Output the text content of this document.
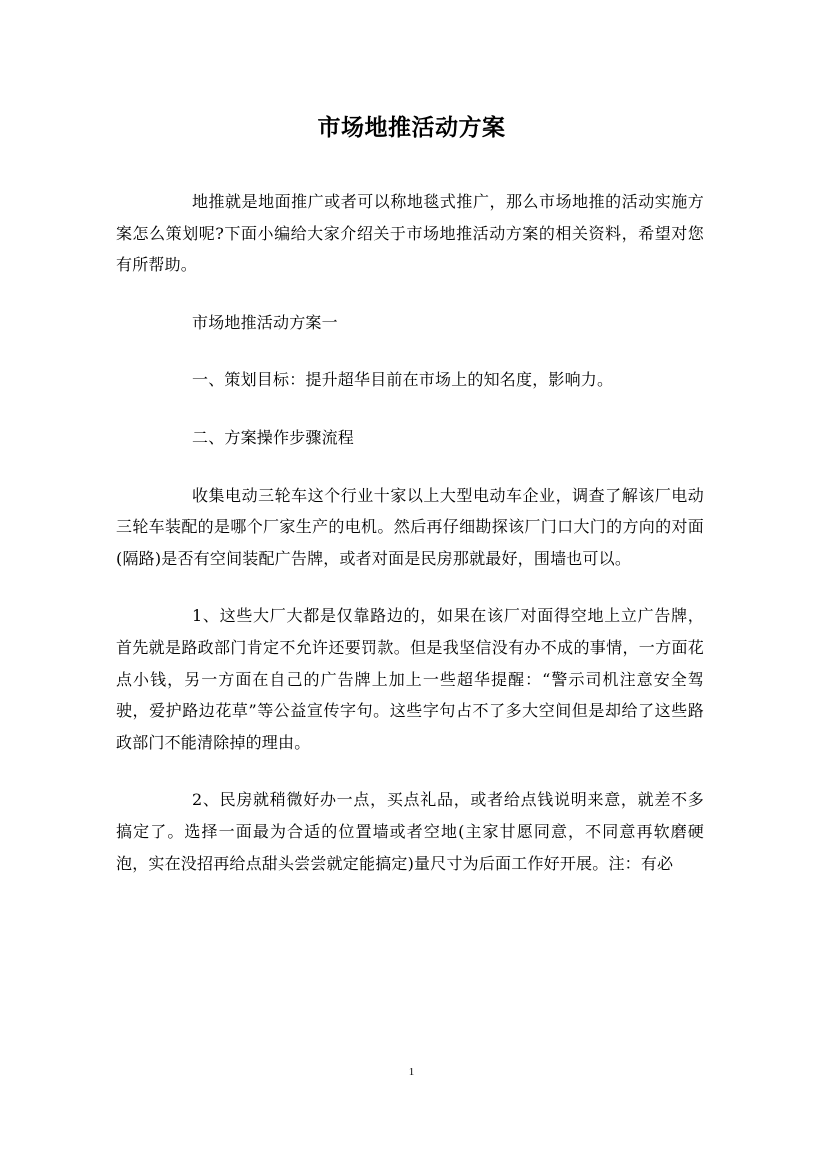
市场地推活动方案

地推就是地面推广或者可以称地毯式推广，那么市场地推的活动实施方案怎么策划呢?下面小编给大家介绍关于市场地推活动方案的相关资料，希望对您有所帮助。

市场地推活动方案一

一、策划目标：提升超华目前在市场上的知名度，影响力。

二、方案操作步骤流程

收集电动三轮车这个行业十家以上大型电动车企业，调查了解该厂电动三轮车装配的是哪个厂家生产的电机。然后再仔细勘探该厂门口大门的方向的对面(隔路)是否有空间装配广告牌，或者对面是民房那就最好，围墙也可以。

1、这些大厂大都是仅靠路边的，如果在该厂对面得空地上立广告牌，首先就是路政部门肯定不允许还要罚款。但是我坚信没有办不成的事情，一方面花点小钱，另一方面在自己的广告牌上加上一些超华提醒：“警示司机注意安全驾驶，爱护路边花草”等公益宣传字句。这些字句占不了多大空间但是却给了这些路政部门不能清除掉的理由。

2、民房就稍微好办一点，买点礼品，或者给点钱说明来意，就差不多搞定了。选择一面最为合适的位置墙或者空地(主家甘愿同意，不同意再软磨硬泡，实在没招再给点甜头尝尝就定能搞定)量尺寸为后面工作好开展。注：有必

1
